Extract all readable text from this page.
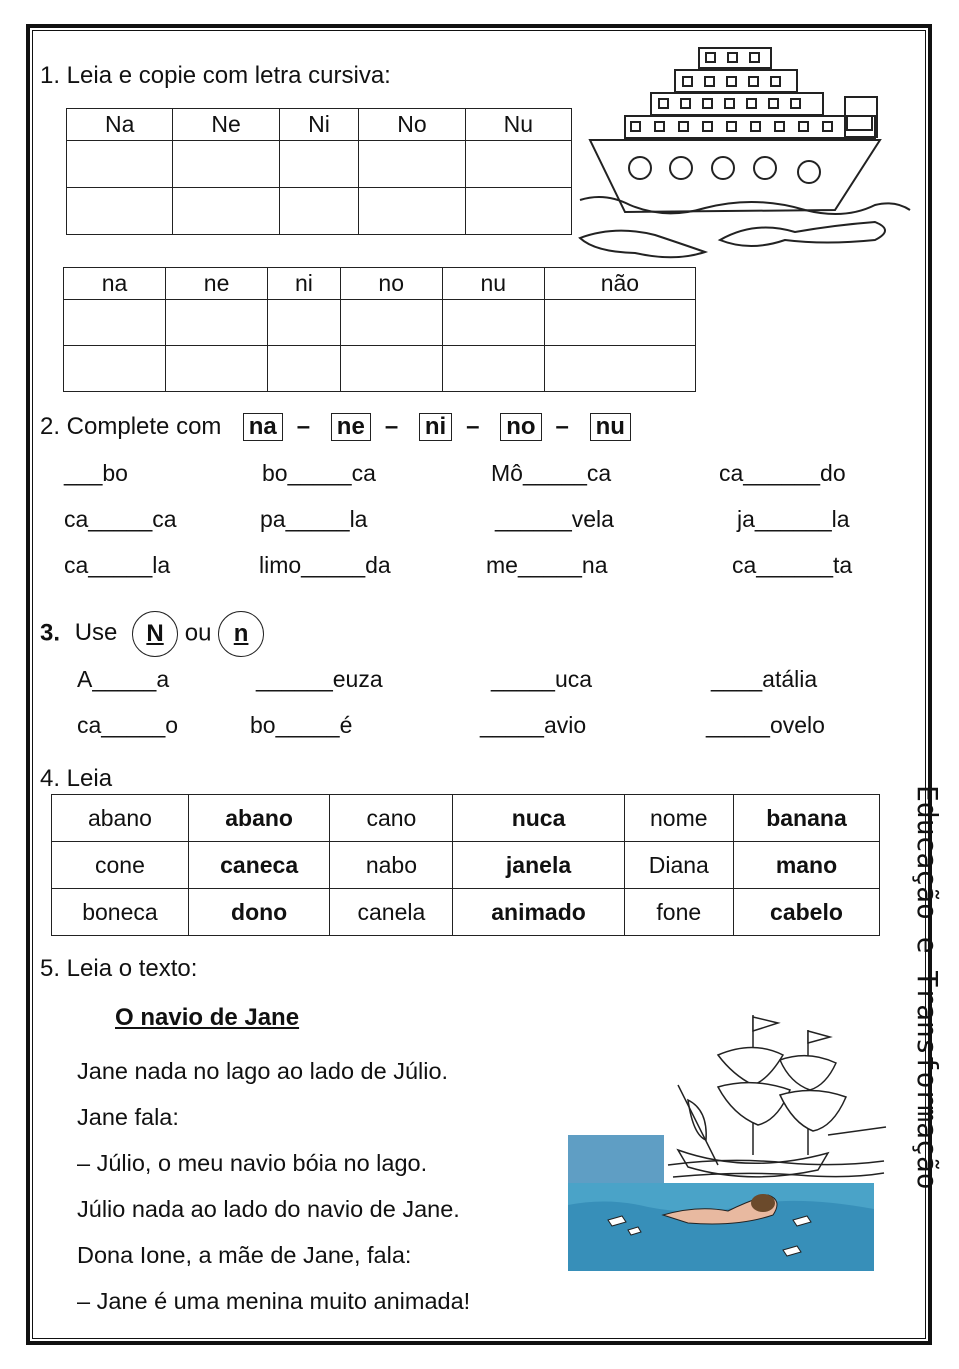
1. Leia e copie com letra cursiva:
Na	Ne	Ni	No	Nu

na	ne	ni	no	nu	não

2. Complete com na – ne – ni – no – nu
___bo	bo_____ca	Mô_____ca	ca______do
ca_____ca	pa_____la	______vela	ja______la
ca_____la	limo_____da	me_____na	ca______ta
3. Use N ou n
A_____a	______euza	_____uca	____atália
ca_____o	bo_____é	_____avio	_____ovelo
4. Leia
abano	abano	cano	nuca	nome	banana
cone	caneca	nabo	janela	Diana	mano
boneca	dono	canela	animado	fone	cabelo
5. Leia o texto:
O navio de Jane
Jane nada no lago ao lado de Júlio.
Jane fala:
– Júlio, o meu navio bóia no lago.
Júlio nada ao lado do navio de Jane.
Dona Ione, a mãe de Jane, fala:
– Jane é uma menina muito animada!
Educação e Transformação
